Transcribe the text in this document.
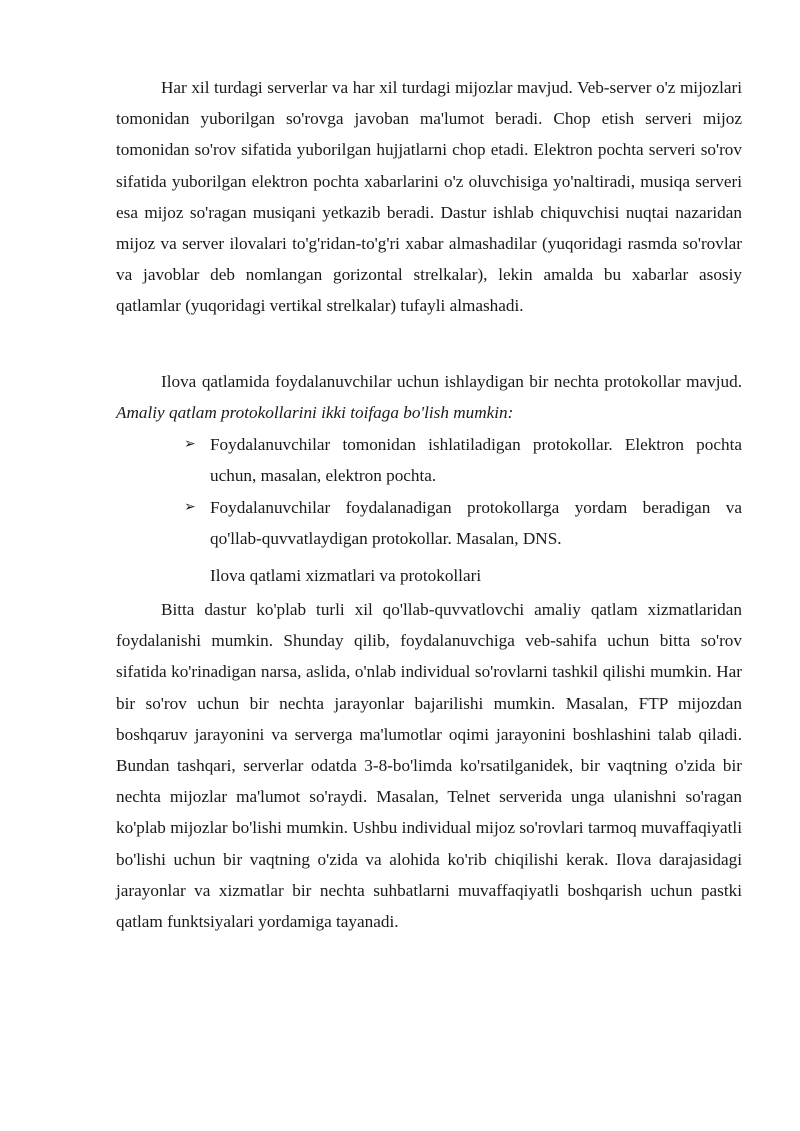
Har xil turdagi serverlar va har xil turdagi mijozlar mavjud. Veb-server o'z mijozlari tomonidan yuborilgan so'rovga javoban ma'lumot beradi. Chop etish serveri mijoz tomonidan so'rov sifatida yuborilgan hujjatlarni chop etadi. Elektron pochta serveri so'rov sifatida yuborilgan elektron pochta xabarlarini o'z oluvchisiga yo'naltiradi, musiqa serveri esa mijoz so'ragan musiqani yetkazib beradi. Dastur ishlab chiquvchisi nuqtai nazaridan mijoz va server ilovalari to'g'ridan-to'g'ri xabar almashadilar (yuqoridagi rasmda so'rovlar va javoblar deb nomlangan gorizontal strelkalar), lekin amalda bu xabarlar asosiy qatlamlar (yuqoridagi vertikal strelkalar) tufayli almashadi.
Ilova qatlamida foydalanuvchilar uchun ishlaydigan bir nechta protokollar mavjud. Amaliy qatlam protokollarini ikki toifaga bo'lish mumkin:
➢ Foydalanuvchilar tomonidan ishlatiladigan protokollar. Elektron pochta uchun, masalan, elektron pochta.
➢ Foydalanuvchilar foydalanadigan protokollarga yordam beradigan va qo'llab-quvvatlaydigan protokollar. Masalan, DNS.
Ilova qatlami xizmatlari va protokollari
Bitta dastur ko'plab turli xil qo'llab-quvvatlovchi amaliy qatlam xizmatlaridan foydalanishi mumkin. Shunday qilib, foydalanuvchiga veb-sahifa uchun bitta so'rov sifatida ko'rinadigan narsa, aslida, o'nlab individual so'rovlarni tashkil qilishi mumkin. Har bir so'rov uchun bir nechta jarayonlar bajarilishi mumkin. Masalan, FTP mijozdan boshqaruv jarayonini va serverga ma'lumotlar oqimi jarayonini boshlashini talab qiladi. Bundan tashqari, serverlar odatda 3-8-bo'limda ko'rsatilganidek, bir vaqtning o'zida bir nechta mijozlar ma'lumot so'raydi. Masalan, Telnet serverida unga ulanishni so'ragan ko'plab mijozlar bo'lishi mumkin. Ushbu individual mijoz so'rovlari tarmoq muvaffaqiyatli bo'lishi uchun bir vaqtning o'zida va alohida ko'rib chiqilishi kerak. Ilova darajasidagi jarayonlar va xizmatlar bir nechta suhbatlarni muvaffaqiyatli boshqarish uchun pastki qatlam funktsiyalari yordamiga tayanadi.
